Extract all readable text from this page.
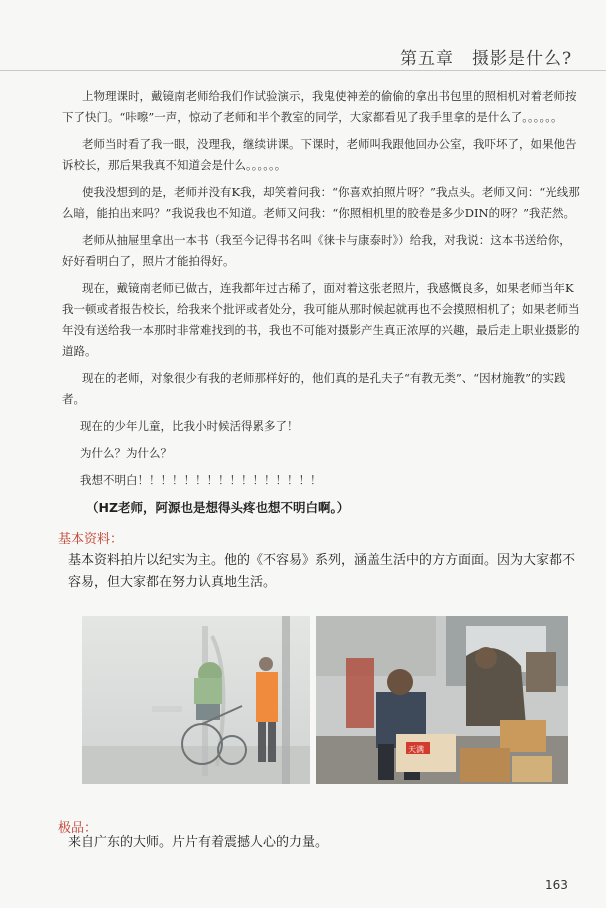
第五章　摄影是什么?

上物理课时，戴镜南老师给我们作试验演示，我鬼使神差的偷偷的拿出书包里的照相机对着老师按下了快门。“咔嚓”一声，惊动了老师和半个教室的同学，大家都看见了我手里拿的是什么了。。。。。。

老师当时看了我一眼，没理我，继续讲课。下课时，老师叫我跟他回办公室，我吓坏了，如果他告诉校长，那后果我真不知道会是什么。。。。。。

使我没想到的是，老师并没有K我，却笑着问我：“你喜欢拍照片呀？”我点头。老师又问：“光线那么暗，能拍出来吗？”我说我也不知道。老师又问我：“你照相机里的胶卷是多少DIN的呀？”我茫然。

老师从抽屉里拿出一本书（我至今记得书名叫《徕卡与康泰时》）给我，对我说：这本书送给你，好好看明白了，照片才能拍得好。

现在，戴镜南老师已做古，连我都年过古稀了，面对着这张老照片，我感慨良多，如果老师当年K我一顿或者报告校长，给我来个批评或者处分，我可能从那时候起就再也不会摸照相机了；如果老师当年没有送给我一本那时非常难找到的书，我也不可能对摄影产生真正浓厚的兴趣，最后走上职业摄影的道路。

现在的老师，对象很少有我的老师那样好的，他们真的是孔夫子“有教无类”、“因材施教”的实践者。

现在的少年儿童，比我小时候活得累多了！

为什么？为什么？

我想不明白！！！！！！！！！！！！！！！！

（HZ老师，阿源也是想得头疼也想不明白啊。）

基本资料：
基本资料拍片以纪实为主。他的《不容易》系列，涵盖生活中的方方面面。因为大家都不容易，但大家都在努力认真地生活。
天满
极品：
来自广东的大师。片片有着震撼人心的力量。
163
